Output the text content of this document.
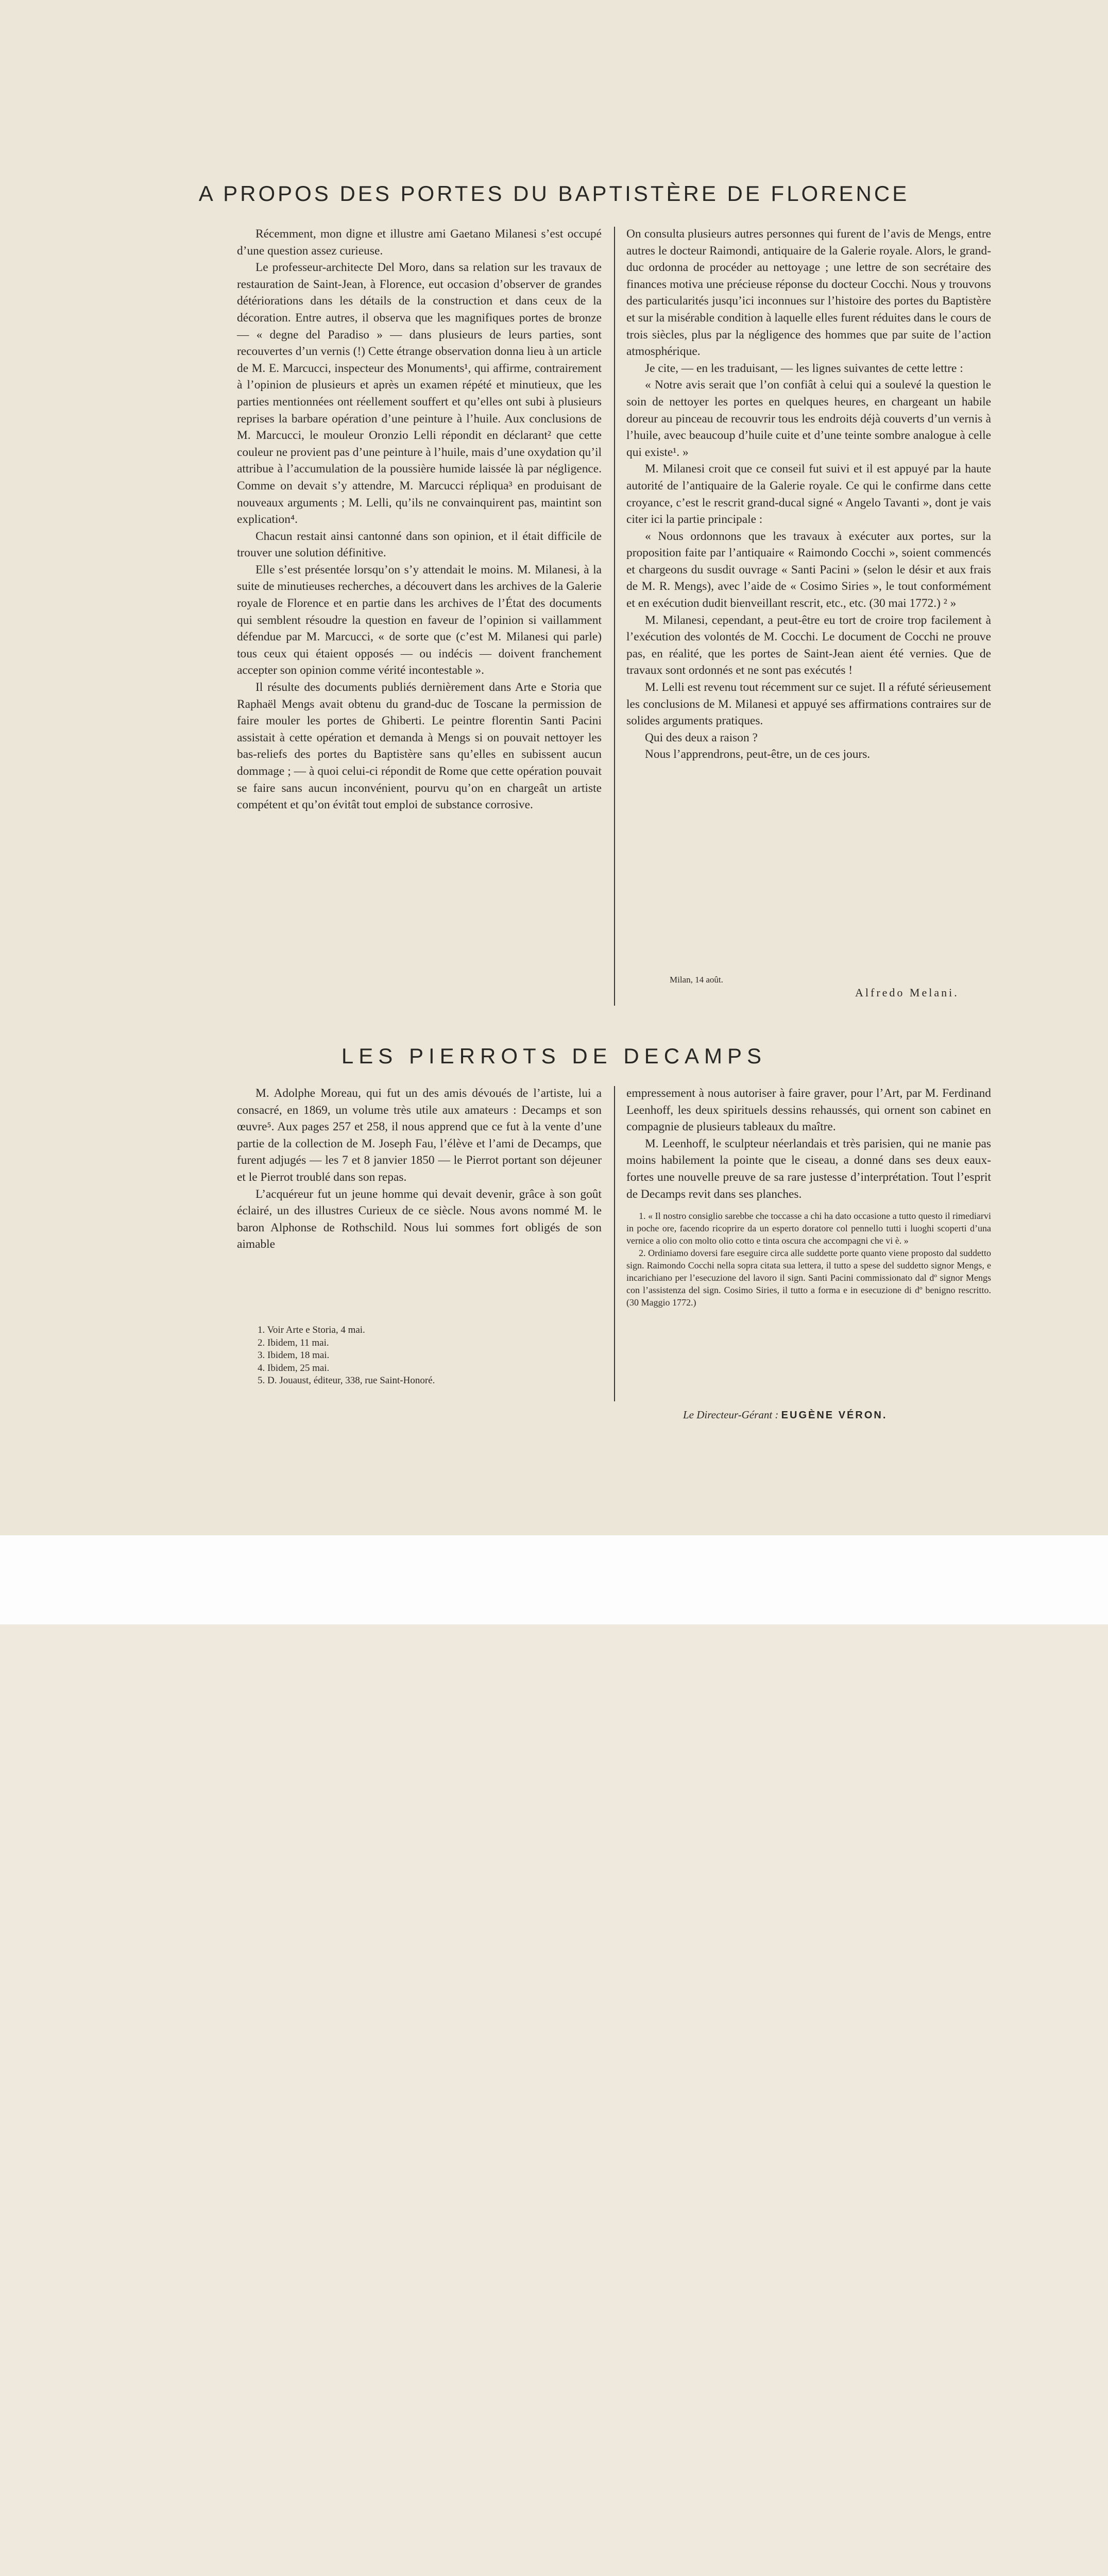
A PROPOS DES PORTES DU BAPTISTÈRE DE FLORENCE

Récemment, mon digne et illustre ami Gaetano Milanesi s’est occupé d’une question assez curieuse.

Le professeur-architecte Del Moro, dans sa relation sur les travaux de restauration de Saint-Jean, à Florence, eut occasion d’observer de grandes détériorations dans les détails de la construction et dans ceux de la décoration. Entre autres, il observa que les magnifiques portes de bronze — « degne del Paradiso » — dans plusieurs de leurs parties, sont recouvertes d’un vernis (!) Cette étrange observation donna lieu à un article de M. E. Marcucci, inspecteur des Monuments¹, qui affirme, contrairement à l’opinion de plusieurs et après un examen répété et minutieux, que les parties mentionnées ont réellement souffert et qu’elles ont subi à plusieurs reprises la barbare opération d’une peinture à l’huile. Aux conclusions de M. Marcucci, le mouleur Oronzio Lelli répondit en déclarant² que cette couleur ne provient pas d’une peinture à l’huile, mais d’une oxydation qu’il attribue à l’accumulation de la poussière humide laissée là par négligence. Comme on devait s’y attendre, M. Marcucci répliqua³ en produisant de nouveaux arguments ; M. Lelli, qu’ils ne convainquirent pas, maintint son explication⁴.

Chacun restait ainsi cantonné dans son opinion, et il était difficile de trouver une solution définitive.

Elle s’est présentée lorsqu’on s’y attendait le moins. M. Milanesi, à la suite de minutieuses recherches, a découvert dans les archives de la Galerie royale de Florence et en partie dans les archives de l’État des documents qui semblent résoudre la question en faveur de l’opinion si vaillamment défendue par M. Marcucci, « de sorte que (c’est M. Milanesi qui parle) tous ceux qui étaient opposés — ou indécis — doivent franchement accepter son opinion comme vérité incontestable ».

Il résulte des documents publiés dernièrement dans Arte e Storia que Raphaël Mengs avait obtenu du grand-duc de Toscane la permission de faire mouler les portes de Ghiberti. Le peintre florentin Santi Pacini assistait à cette opération et demanda à Mengs si on pouvait nettoyer les bas-reliefs des portes du Baptistère sans qu’elles en subissent aucun dommage ; — à quoi celui-ci répondit de Rome que cette opération pouvait se faire sans aucun inconvénient, pourvu qu’on en chargeât un artiste compétent et qu’on évitât tout emploi de substance corrosive.

On consulta plusieurs autres personnes qui furent de l’avis de Mengs, entre autres le docteur Raimondi, antiquaire de la Galerie royale. Alors, le grand-duc ordonna de procéder au nettoyage ; une lettre de son secrétaire des finances motiva une précieuse réponse du docteur Cocchi. Nous y trouvons des particularités jusqu’ici inconnues sur l’histoire des portes du Baptistère et sur la misérable condition à laquelle elles furent réduites dans le cours de trois siècles, plus par la négligence des hommes que par suite de l’action atmosphérique.

Je cite, — en les traduisant, — les lignes suivantes de cette lettre :

« Notre avis serait que l’on confiât à celui qui a soulevé la question le soin de nettoyer les portes en quelques heures, en chargeant un habile doreur au pinceau de recouvrir tous les endroits déjà couverts d’un vernis à l’huile, avec beaucoup d’huile cuite et d’une teinte sombre analogue à celle qui existe¹. »

M. Milanesi croit que ce conseil fut suivi et il est appuyé par la haute autorité de l’antiquaire de la Galerie royale. Ce qui le confirme dans cette croyance, c’est le rescrit grand-ducal signé « Angelo Tavanti », dont je vais citer ici la partie principale :

« Nous ordonnons que les travaux à exécuter aux portes, sur la proposition faite par l’antiquaire « Raimondo Cocchi », soient commencés et chargeons du susdit ouvrage « Santi Pacini » (selon le désir et aux frais de M. R. Mengs), avec l’aide de « Cosimo Siries », le tout conformément et en exécution dudit bienveillant rescrit, etc., etc. (30 mai 1772.) ² »

M. Milanesi, cependant, a peut-être eu tort de croire trop facilement à l’exécution des volontés de M. Cocchi. Le document de Cocchi ne prouve pas, en réalité, que les portes de Saint-Jean aient été vernies. Que de travaux sont ordonnés et ne sont pas exécutés !

M. Lelli est revenu tout récemment sur ce sujet. Il a réfuté sérieusement les conclusions de M. Milanesi et appuyé ses affirmations contraires sur de solides arguments pratiques.

Qui des deux a raison ?

Nous l’apprendrons, peut-être, un de ces jours.

Milan, 14 août.
Alfredo Melani.
LES PIERROTS DE DECAMPS

M. Adolphe Moreau, qui fut un des amis dévoués de l’artiste, lui a consacré, en 1869, un volume très utile aux amateurs : Decamps et son œuvre⁵. Aux pages 257 et 258, il nous apprend que ce fut à la vente d’une partie de la collection de M. Joseph Fau, l’élève et l’ami de Decamps, que furent adjugés — les 7 et 8 janvier 1850 — le Pierrot portant son déjeuner et le Pierrot troublé dans son repas.

L’acquéreur fut un jeune homme qui devait devenir, grâce à son goût éclairé, un des illustres Curieux de ce siècle. Nous avons nommé M. le baron Alphonse de Rothschild. Nous lui sommes fort obligés de son aimable

empressement à nous autoriser à faire graver, pour l’Art, par M. Ferdinand Leenhoff, les deux spirituels dessins rehaussés, qui ornent son cabinet en compagnie de plusieurs tableaux du maître.

M. Leenhoff, le sculpteur néerlandais et très parisien, qui ne manie pas moins habilement la pointe que le ciseau, a donné dans ses deux eaux-fortes une nouvelle preuve de sa rare justesse d’interprétation. Tout l’esprit de Decamps revit dans ses planches.

1. « Il nostro consiglio sarebbe che toccasse a chi ha dato occasione a tutto questo il rimediarvi in poche ore, facendo ricoprire da un esperto doratore col pennello tutti i luoghi scoperti d’una vernice a olio con molto olio cotto e tinta oscura che accompagni che vi è. »

2. Ordiniamo doversi fare eseguire circa alle suddette porte quanto viene proposto dal suddetto sign. Raimondo Cocchi nella sopra citata sua lettera, il tutto a spese del suddetto signor Mengs, e incarichiano per l’esecuzione del lavoro il sign. Santi Pacini commissionato dal dº signor Mengs con l’assistenza del sign. Cosimo Siries, il tutto a forma e in esecuzione di dº benigno rescritto. (30 Maggio 1772.)

1. Voir Arte e Storia, 4 mai.
2. Ibidem, 11 mai.
3. Ibidem, 18 mai.
4. Ibidem, 25 mai.
5. D. Jouaust, éditeur, 338, rue Saint-Honoré.
Le Directeur-Gérant : EUGÈNE VÉRON.
